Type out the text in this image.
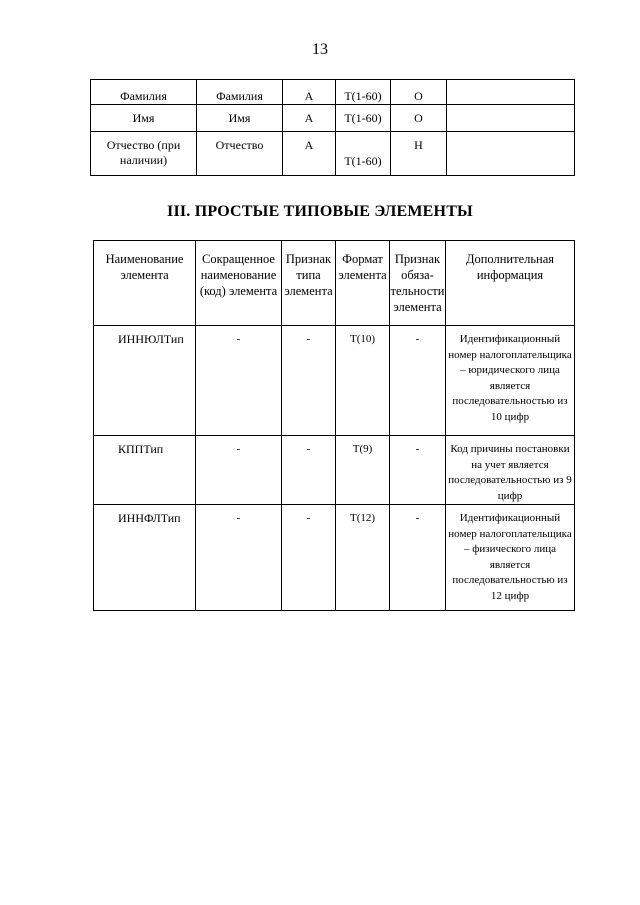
13
Фамилия	Фамилия	А	T(1-60)	О	
Имя	Имя	А	T(1-60)	О	
Отчество (при наличии)	Отчество	А	T(1-60)	Н	
III. ПРОСТЫЕ ТИПОВЫЕ ЭЛЕМЕНТЫ
Наименование элемента	Сокращенное наименование (код) элемента	Признак типа элемента	Формат элемента	Признак обяза-тельности элемента	Дополнительная информация
ИННЮЛТип	-	-	T(10)	-	Идентификационный номер налогоплательщика – юридического лица является последовательностью из 10 цифр
КППТип	-	-	T(9)	-	Код причины постановки на учет является последовательностью из 9 цифр
ИННФЛТип	-	-	T(12)	-	Идентификационный номер налогоплательщика – физического лица является последовательностью из 12 цифр
